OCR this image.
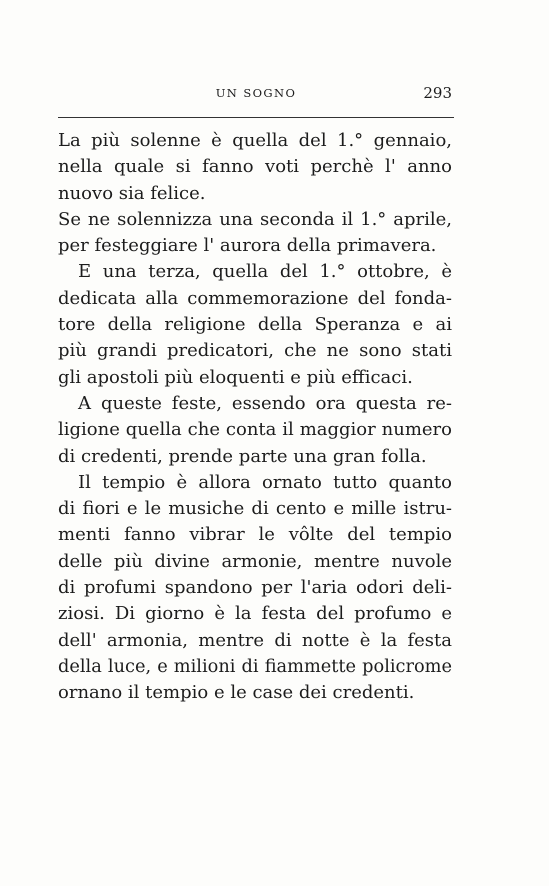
UN SOGNO	293
La più solenne è quella del 1.° gennaio,
nella quale si fanno voti perchè l' anno
nuovo sia felice.
Se ne solennizza una seconda il 1.° aprile,
per festeggiare l' aurora della primavera.
E una terza, quella del 1.° ottobre, è
dedicata alla commemorazione del fonda-
tore della religione della Speranza e ai
più grandi predicatori, che ne sono stati
gli apostoli più eloquenti e più efficaci.
A queste feste, essendo ora questa re-
ligione quella che conta il maggior numero
di credenti, prende parte una gran folla.
Il tempio è allora ornato tutto quanto
di fiori e le musiche di cento e mille istru-
menti fanno vibrar le vôlte del tempio
delle più divine armonie, mentre nuvole
di profumi spandono per l'aria odori deli-
ziosi. Di giorno è la festa del profumo e
dell' armonia, mentre di notte è la festa
della luce, e milioni di fiammette policrome
ornano il tempio e le case dei credenti.
